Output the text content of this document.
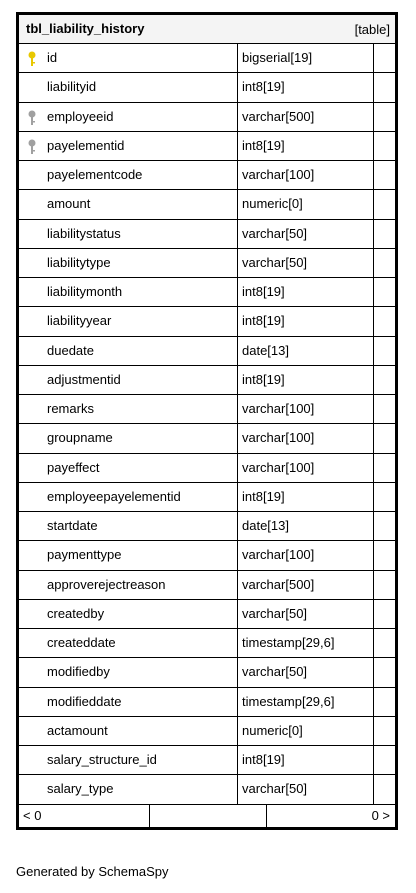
tbl_liability_history	[table]
id	bigserial[19]
liabilityid	int8[19]
employeeid	varchar[500]
payelementid	int8[19]
payelementcode	varchar[100]
amount	numeric[0]
liabilitystatus	varchar[50]
liabilitytype	varchar[50]
liabilitymonth	int8[19]
liabilityyear	int8[19]
duedate	date[13]
adjustmentid	int8[19]
remarks	varchar[100]
groupname	varchar[100]
payeffect	varchar[100]
employeepayelementid	int8[19]
startdate	date[13]
paymenttype	varchar[100]
approverejectreason	varchar[500]
createdby	varchar[50]
createddate	timestamp[29,6]
modifiedby	varchar[50]
modifieddate	timestamp[29,6]
actamount	numeric[0]
salary_structure_id	int8[19]
salary_type	varchar[50]
< 0	0 >
Generated by SchemaSpy
